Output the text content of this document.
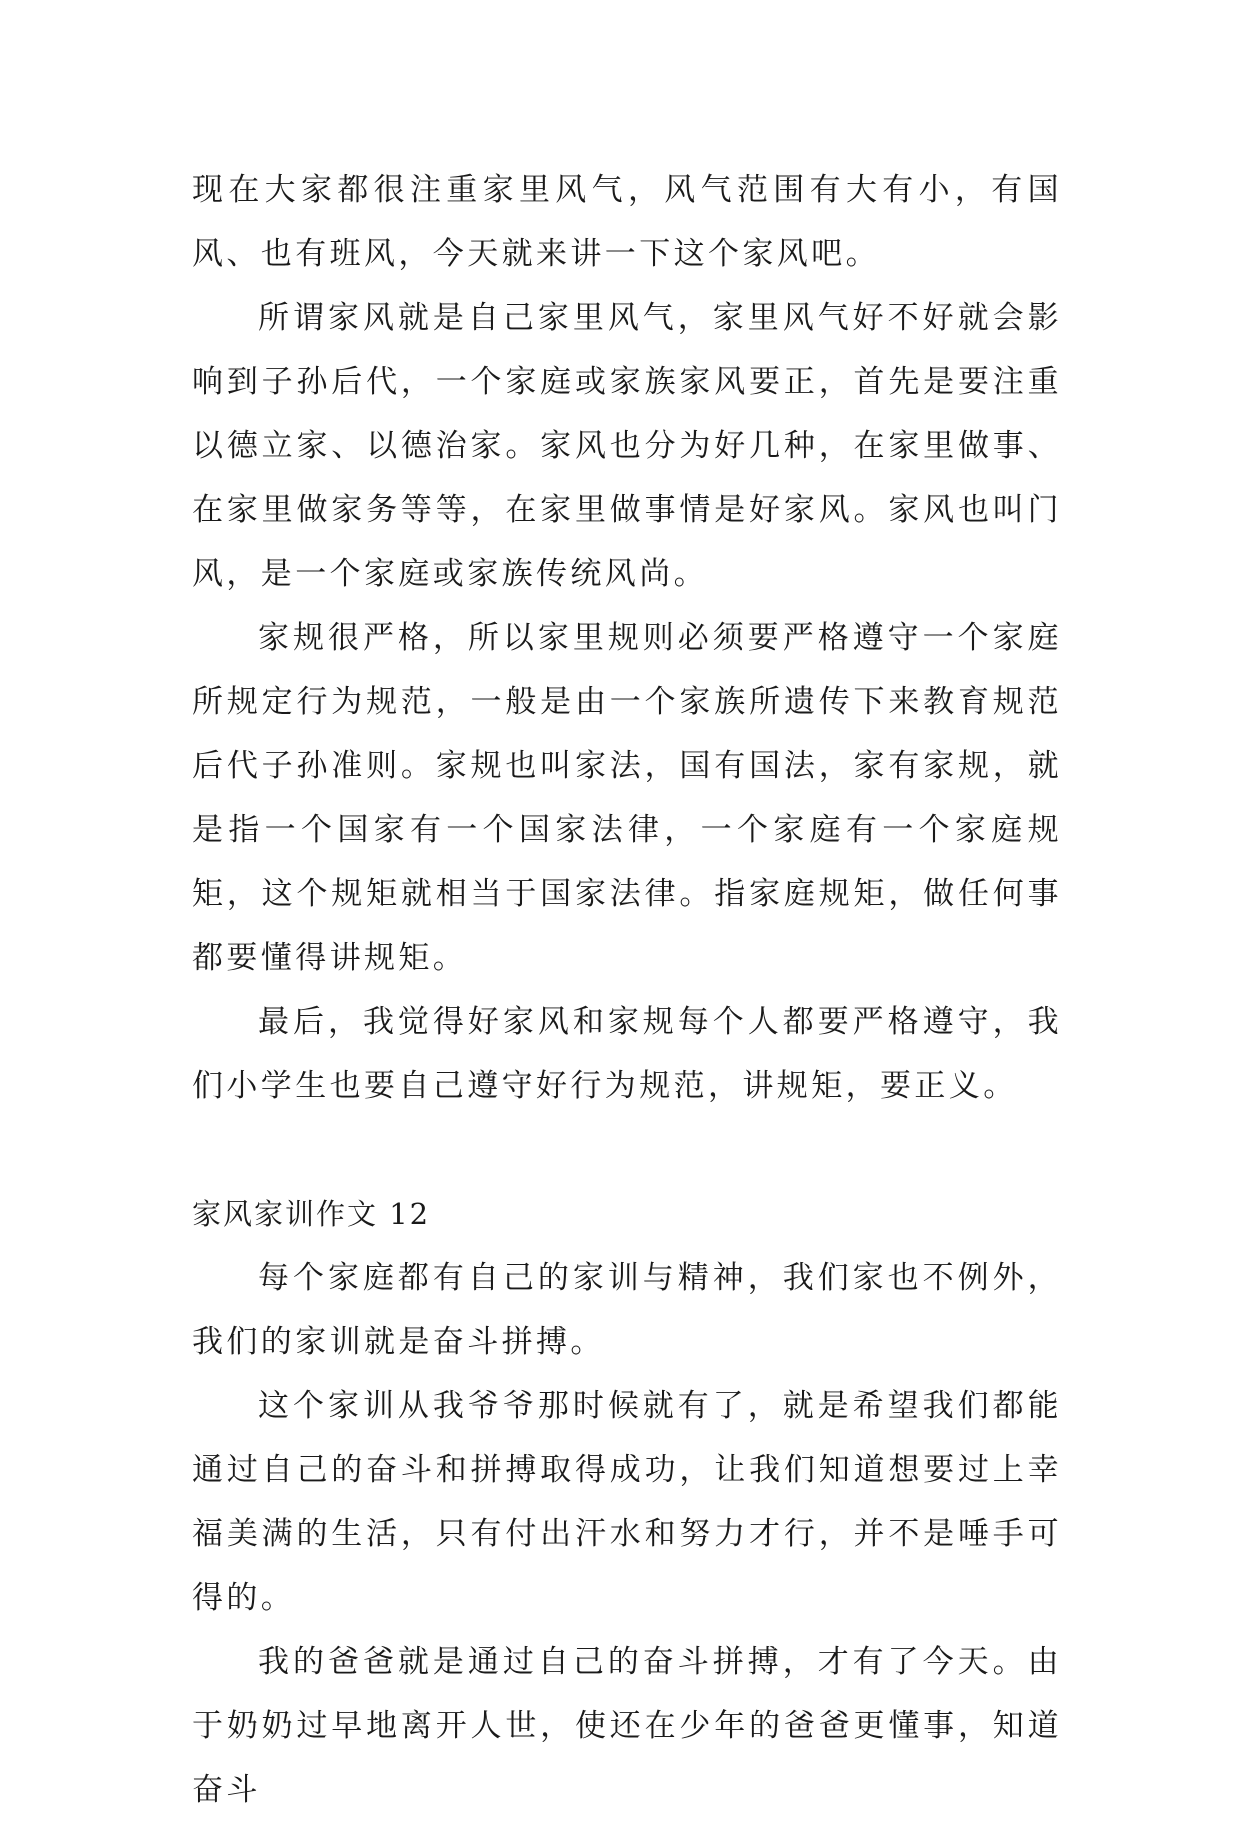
现在大家都很注重家里风气，风气范围有大有小，有国风、也有班风，今天就来讲一下这个家风吧。

所谓家风就是自己家里风气，家里风气好不好就会影响到子孙后代，一个家庭或家族家风要正，首先是要注重以德立家、以德治家。家风也分为好几种，在家里做事、在家里做家务等等，在家里做事情是好家风。家风也叫门风，是一个家庭或家族传统风尚。

家规很严格，所以家里规则必须要严格遵守一个家庭所规定行为规范，一般是由一个家族所遗传下来教育规范后代子孙准则。家规也叫家法，国有国法，家有家规，就是指一个国家有一个国家法律，一个家庭有一个家庭规矩，这个规矩就相当于国家法律。指家庭规矩，做任何事都要懂得讲规矩。

最后，我觉得好家风和家规每个人都要严格遵守，我们小学生也要自己遵守好行为规范，讲规矩，要正义。

家风家训作文 12

每个家庭都有自己的家训与精神，我们家也不例外，我们的家训就是奋斗拼搏。

这个家训从我爷爷那时候就有了，就是希望我们都能通过自己的奋斗和拼搏取得成功，让我们知道想要过上幸福美满的生活，只有付出汗水和努力才行，并不是唾手可得的。

我的爸爸就是通过自己的奋斗拼搏，才有了今天。由于奶奶过早地离开人世，使还在少年的爸爸更懂事，知道奋斗
